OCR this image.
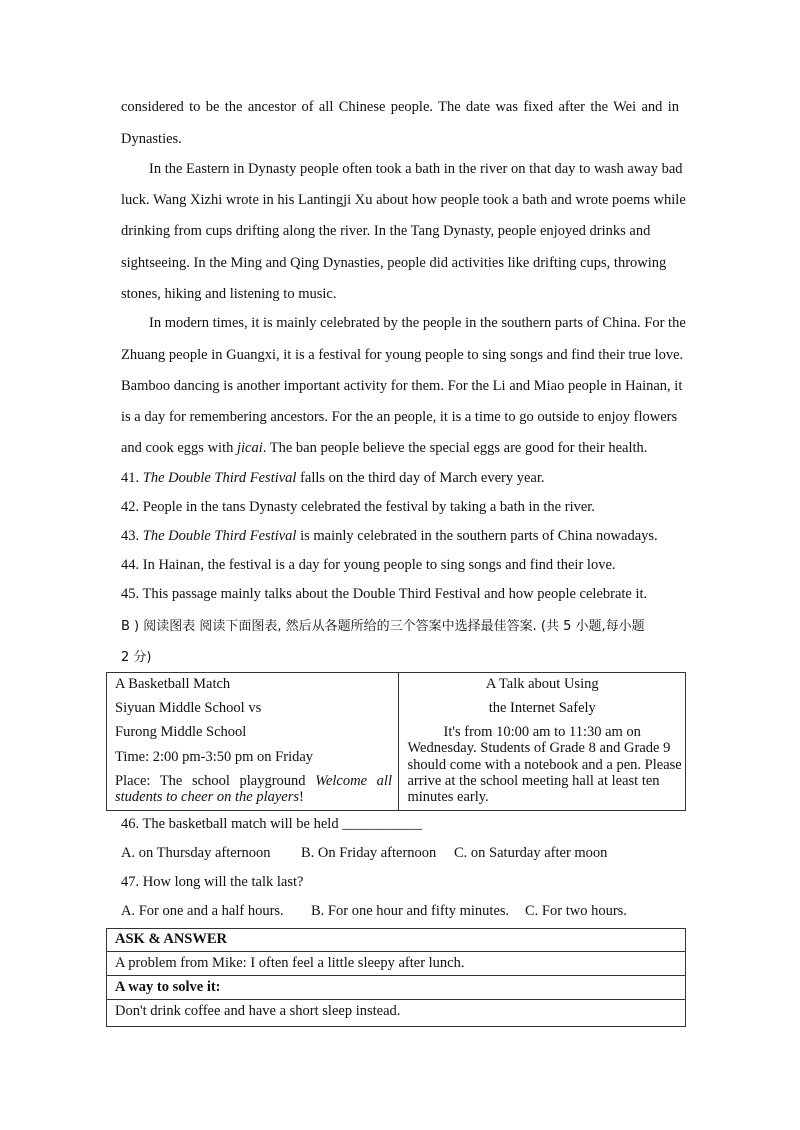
considered to be the ancestor of all Chinese people. The date was fixed after the Wei and in
Dynasties.
In the Eastern in Dynasty people often took a bath in the river on that day to wash away bad
luck. Wang Xizhi wrote in his Lantingji Xu about how people took a bath and wrote poems while
drinking from cups drifting along the river. In the Tang Dynasty, people enjoyed drinks and
sightseeing. In the Ming and Qing Dynasties, people did activities like drifting cups, throwing
stones, hiking and listening to music.
In modern times, it is mainly celebrated by the people in the southern parts of China. For the
Zhuang people in Guangxi, it is a festival for young people to sing songs and find their true love.
Bamboo dancing is another important activity for them. For the Li and Miao people in Hainan, it
is a day for remembering ancestors. For the an people, it is a time to go outside to enjoy flowers
and cook eggs with jicai. The ban people believe the special eggs are good for their health.
41. The Double Third Festival falls on the third day of March every year.
42. People in the tans Dynasty celebrated the festival by taking a bath in the river.
43. The Double Third Festival is mainly celebrated in the southern parts of China nowadays.
44. In Hainan, the festival is a day for young people to sing songs and find their love.
45. This passage mainly talks about the Double Third Festival and how people celebrate it.
B ) 阅读图表 阅读下面图表, 然后从各题所给的三个答案中选择最佳答案. (共 5 小题,每小题
2 分)
A Basketball Match
Siyuan Middle School vs
Furong Middle School
Time: 2:00 pm-3:50 pm on Friday
Place: The school playground Welcome all
students to cheer on the players!

A Talk about Using
the Internet Safely
It's from 10:00 am to 11:30 am on
Wednesday. Students of Grade 8 and Grade 9
should come with a notebook and a pen. Please
arrive at the school meeting hall at least ten
minutes early.
46. The basketball match will be held ___________
A. on Thursday afternoon B. On Friday afternoon C. on Saturday after moon
47. How long will the talk last?
A. For one and a half hours. B. For one hour and fifty minutes. C. For two hours.
ASK & ANSWER
A problem from Mike: I often feel a little sleepy after lunch.
A way to solve it:
Don't drink coffee and have a short sleep instead.
